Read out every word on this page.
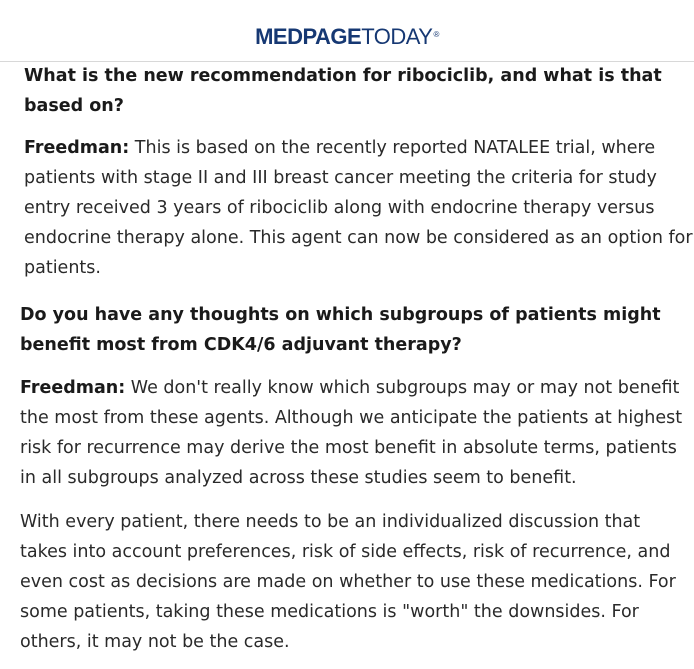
MEDPAGETODAY®
What is the new recommendation for ribociclib, and what is that
based on?
Freedman: This is based on the recently reported NATALEE trial, where
patients with stage II and III breast cancer meeting the criteria for study
entry received 3 years of ribociclib along with endocrine therapy versus
endocrine therapy alone. This agent can now be considered as an option for
patients.
Do you have any thoughts on which subgroups of patients might
benefit most from CDK4/6 adjuvant therapy?
Freedman: We don't really know which subgroups may or may not benefit
the most from these agents. Although we anticipate the patients at highest
risk for recurrence may derive the most benefit in absolute terms, patients
in all subgroups analyzed across these studies seem to benefit.
With every patient, there needs to be an individualized discussion that
takes into account preferences, risk of side effects, risk of recurrence, and
even cost as decisions are made on whether to use these medications. For
some patients, taking these medications is "worth" the downsides. For
others, it may not be the case.
